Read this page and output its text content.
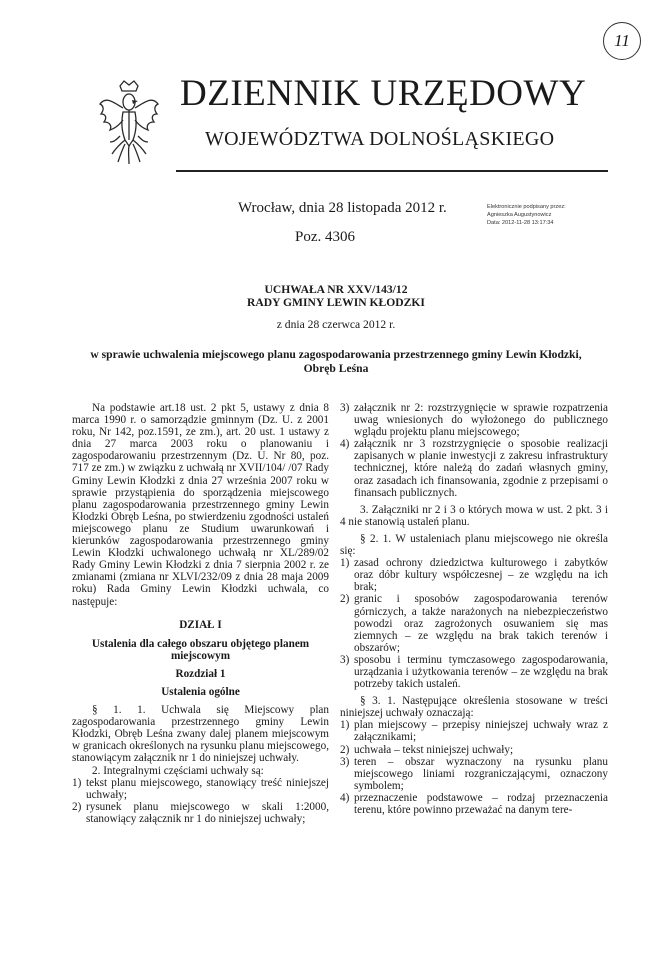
11
DZIENNIK URZĘDOWY
WOJEWÓDZTWA DOLNOŚLĄSKIEGO
Wrocław, dnia 28 listopada 2012 r.
Poz. 4306
Elektronicznie podpisany przez:
Agnieszka Augustynowicz
Data: 2012-11-28 13:17:34
UCHWAŁA NR XXV/143/12
RADY GMINY LEWIN KŁODZKI
z dnia 28 czerwca 2012 r.
w sprawie uchwalenia miejscowego planu zagospodarowania przestrzennego gminy Lewin Kłodzki,
Obręb Leśna

Na podstawie art.18 ust. 2 pkt 5, ustawy z dnia 8 marca 1990 r. o samorządzie gminnym (Dz. U. z 2001 roku, Nr 142, poz.1591, ze zm.), art. 20 ust. 1 ustawy z dnia 27 marca 2003 roku o planowaniu i zagospodarowaniu przestrzennym (Dz. U. Nr 80, poz. 717 ze zm.) w związku z uchwałą nr XVII/104/ /07 Rady Gminy Lewin Kłodzki z dnia 27 września 2007 roku w sprawie przystąpienia do sporządzenia miejscowego planu zagospodarowania przestrzennego gminy Lewin Kłodzki Obręb Leśna, po stwierdzeniu zgodności ustaleń miejscowego planu ze Studium uwarunkowań i kierunków zagospodarowania przestrzennego gminy Lewin Kłodzki uchwalonego uchwałą nr XL/289/02 Rady Gminy Lewin Kłodzki z dnia 7 sierpnia 2002 r. ze zmianami (zmiana nr XLVI/232/09 z dnia 28 maja 2009 roku) Rada Gminy Lewin Kłodzki uchwala, co następuje:

DZIAŁ I

Ustalenia dla całego obszaru objętego planem miejscowym

Rozdział 1

Ustalenia ogólne

§ 1. 1. Uchwala się Miejscowy plan zagospodarowania przestrzennego gminy Lewin Kłodzki, Obręb Leśna zwany dalej planem miejscowym w granicach określonych na rysunku planu miejscowego, stanowiącym załącznik nr 1 do niniejszej uchwały.

2. Integralnymi częściami uchwały są:

1) tekst planu miejscowego, stanowiący treść niniejszej uchwały;
2) rysunek planu miejscowego w skali 1:2000, stanowiący załącznik nr 1 do niniejszej uchwały;
3) załącznik nr 2: rozstrzygnięcie w sprawie rozpatrzenia uwag wniesionych do wyłożonego do publicznego wglądu projektu planu miejscowego;
4) załącznik nr 3 rozstrzygnięcie o sposobie realizacji zapisanych w planie inwestycji z zakresu infrastruktury technicznej, które należą do zadań własnych gminy, oraz zasadach ich finansowania, zgodnie z przepisami o finansach publicznych.

3. Załączniki nr 2 i 3 o których mowa w ust. 2 pkt. 3 i 4 nie stanowią ustaleń planu.

§ 2. 1. W ustaleniach planu miejscowego nie określa się:

1) zasad ochrony dziedzictwa kulturowego i zabytków oraz dóbr kultury współczesnej – ze względu na ich brak;
2) granic i sposobów zagospodarowania terenów górniczych, a także narażonych na niebezpieczeństwo powodzi oraz zagrożonych osuwaniem się mas ziemnych – ze względu na brak takich terenów i obszarów;
3) sposobu i terminu tymczasowego zagospodarowania, urządzania i użytkowania terenów – ze względu na brak potrzeby takich ustaleń.

§ 3. 1. Następujące określenia stosowane w treści niniejszej uchwały oznaczają:

1) plan miejscowy – przepisy niniejszej uchwały wraz z załącznikami;
2) uchwała – tekst niniejszej uchwały;
3) teren – obszar wyznaczony na rysunku planu miejscowego liniami rozgraniczającymi, oznaczony symbolem;
4) przeznaczenie podstawowe – rodzaj przeznaczenia terenu, które powinno przeważać na danym tere-
